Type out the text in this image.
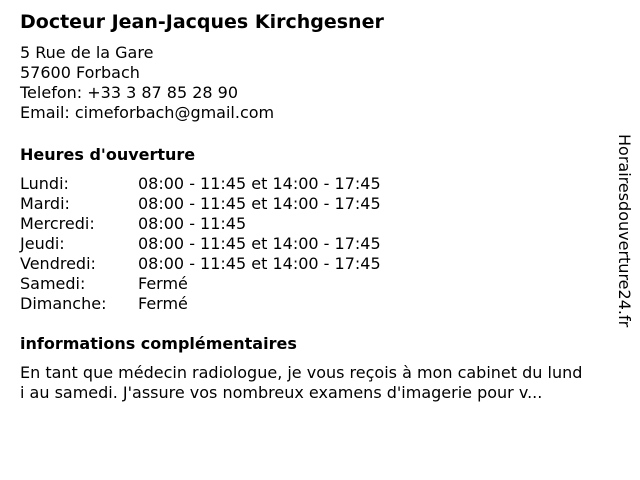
Docteur Jean-Jacques Kirchgesner
5 Rue de la Gare
57600 Forbach
Telefon: +33 3 87 85 28 90
Email: cimeforbach@gmail.com
Heures d'ouverture
Lundi:	08:00 - 11:45 et 14:00 - 17:45
Mardi:	08:00 - 11:45 et 14:00 - 17:45
Mercredi:	08:00 - 11:45
Jeudi:	08:00 - 11:45 et 14:00 - 17:45
Vendredi:	08:00 - 11:45 et 14:00 - 17:45
Samedi:	Fermé
Dimanche:	Fermé
informations complémentaires
En tant que médecin radiologue, je vous reçois à mon cabinet du lund
i au samedi. J'assure vos nombreux examens d'imagerie pour v...
Horairesdouverture24.fr
